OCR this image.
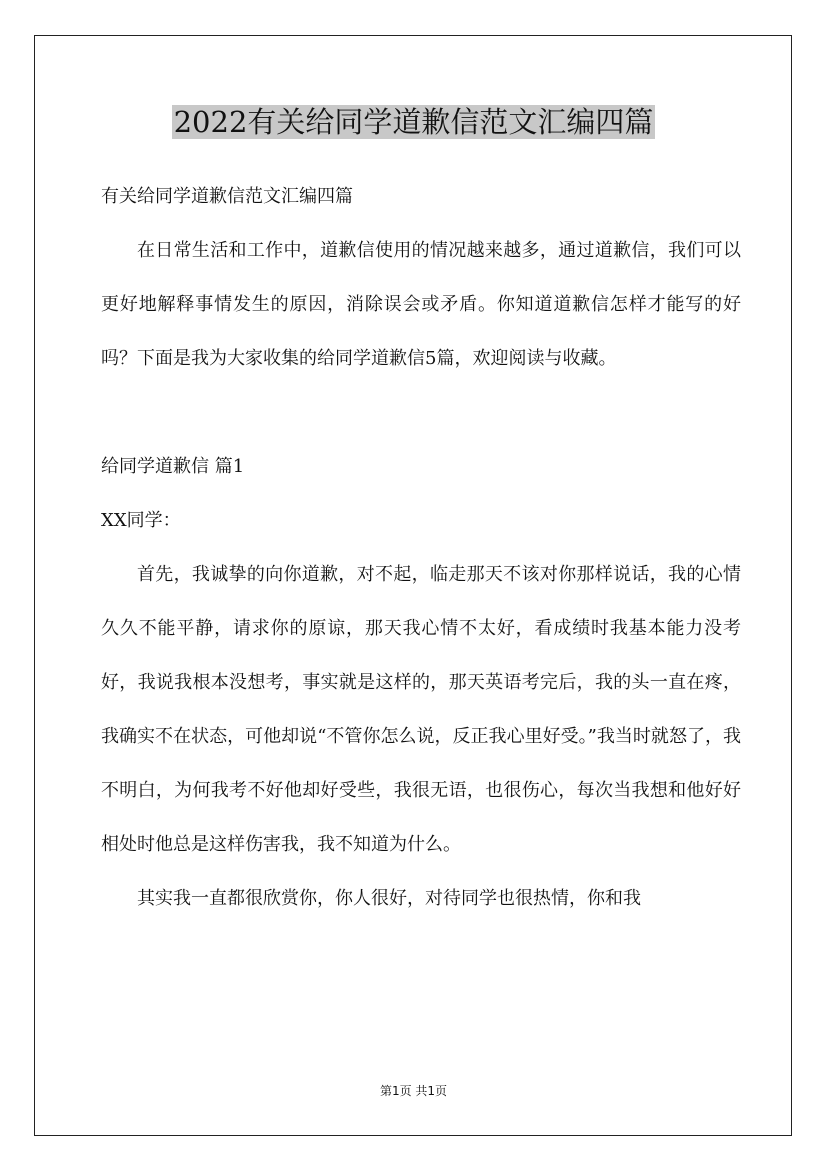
2022有关给同学道歉信范文汇编四篇

有关给同学道歉信范文汇编四篇

在日常生活和工作中，道歉信使用的情况越来越多，通过道歉信，我们可以更好地解释事情发生的原因，消除误会或矛盾。你知道道歉信怎样才能写的好吗？下面是我为大家收集的给同学道歉信5篇，欢迎阅读与收藏。

给同学道歉信 篇1

XX同学：

首先，我诚挚的向你道歉，对不起，临走那天不该对你那样说话，我的心情久久不能平静，请求你的原谅，那天我心情不太好，看成绩时我基本能力没考好，我说我根本没想考，事实就是这样的，那天英语考完后，我的头一直在疼，我确实不在状态，可他却说“不管你怎么说，反正我心里好受。”我当时就怒了，我不明白，为何我考不好他却好受些，我很无语，也很伤心，每次当我想和他好好相处时他总是这样伤害我，我不知道为什么。

其实我一直都很欣赏你，你人很好，对待同学也很热情，你和我

第1页 共1页
